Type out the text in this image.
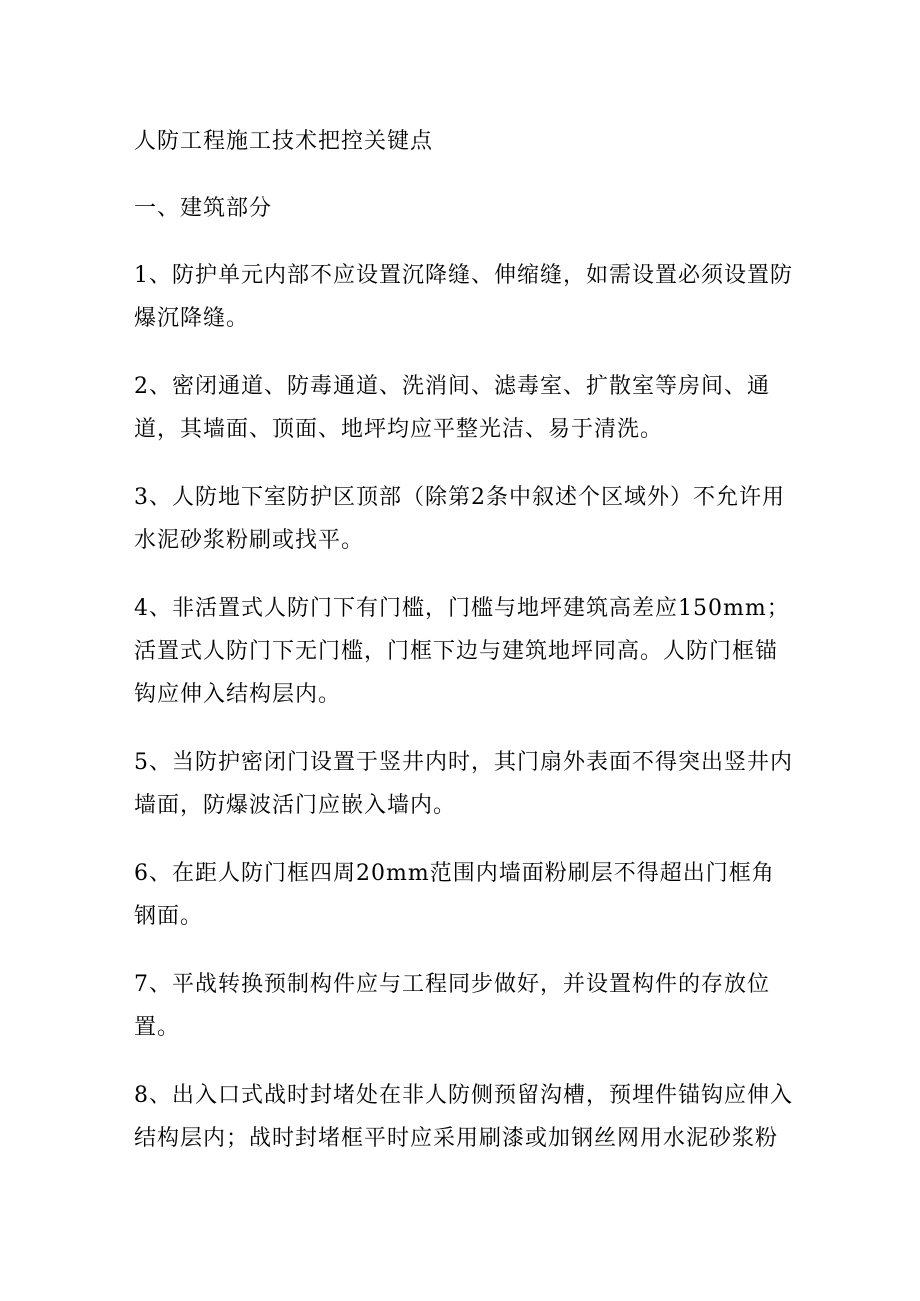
人防工程施工技术把控关键点

一、建筑部分

1、防护单元内部不应设置沉降缝、伸缩缝，如需设置必须设置防爆沉降缝。

2、密闭通道、防毒通道、洗消间、滤毒室、扩散室等房间、通道，其墙面、顶面、地坪均应平整光洁、易于清洗。

3、人防地下室防护区顶部（除第2条中叙述个区域外）不允许用水泥砂浆粉刷或找平。

4、非活置式人防门下有门槛，门槛与地坪建筑高差应150mm；活置式人防门下无门槛，门框下边与建筑地坪同高。人防门框锚钩应伸入结构层内。

5、当防护密闭门设置于竖井内时，其门扇外表面不得突出竖井内墙面，防爆波活门应嵌入墙内。

6、在距人防门框四周20mm范围内墙面粉刷层不得超出门框角钢面。

7、平战转换预制构件应与工程同步做好，并设置构件的存放位置。

8、出入口式战时封堵处在非人防侧预留沟槽，预埋件锚钩应伸入结构层内；战时封堵框平时应采用刷漆或加钢丝网用水泥砂浆粉
